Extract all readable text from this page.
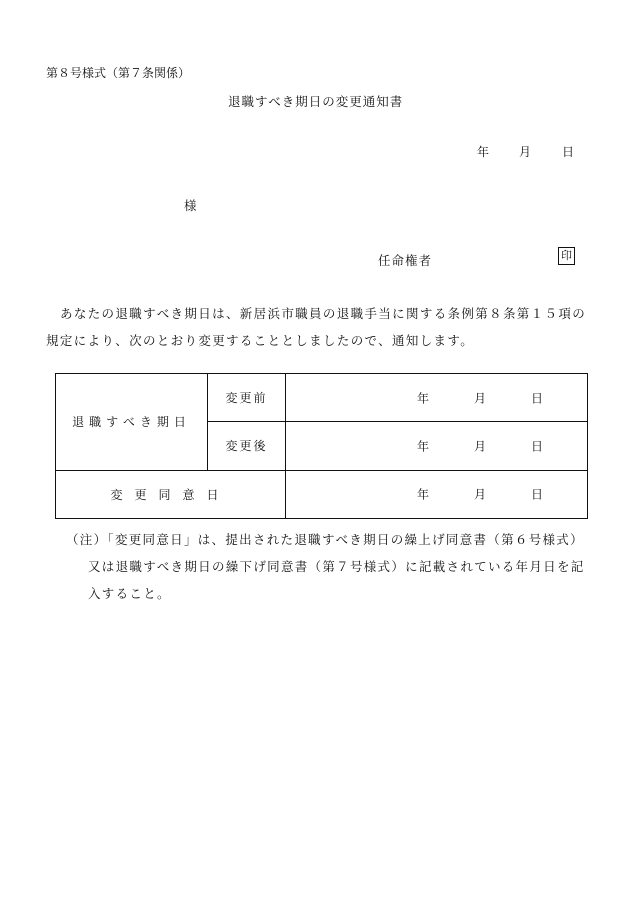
第８号様式（第７条関係）
退職すべき期日の変更通知書
年 月	日
様
任命権者	印
あなたの退職すべき期日は、新居浜市職員の退職手当に関する条例第８条第１５項の
規定により、次のとおり変更することとしましたので、通知します。
退職すべき期日	変更前	年 月 日

	変更後	年 月 日

変更同意日		年 月 日
（注）「変更同意日」は、提出された退職すべき期日の繰上げ同意書（第６号様式）
又は退職すべき期日の繰下げ同意書（第７号様式）に記載されている年月日を記
入すること。
